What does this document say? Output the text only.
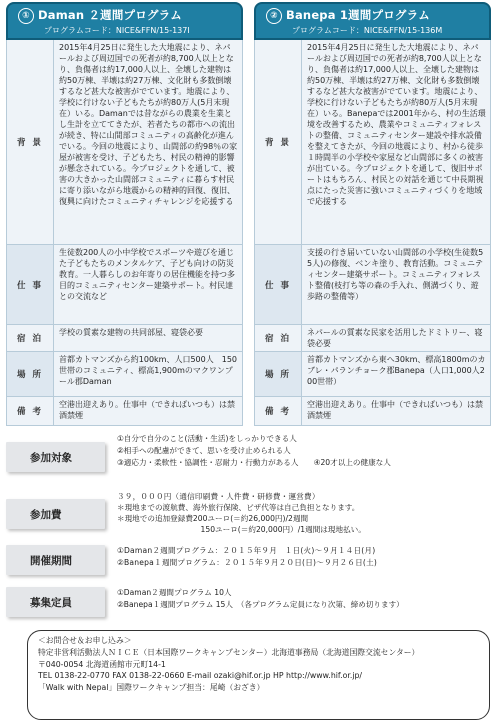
① Daman ２週間プログラム
プログラムコード：NICE&FFN/15-137I
背 景
2015年4月25日に発生した大地震により、ネパールおよび周辺国での死者が約8,700人以上となり、負傷者は約17,000人以上、全壊した建物は約50万棟、半壊は約27万棟、文化財も多数倒壊するなど甚大な被害がでています。地震により、学校に行けない子どもたちが約80万人(5月末現在）いる。Damanでは昔ながらの農業を生業とし生計を立ててきたが、若者たちの都市への流出が続き、特に山間部コミュニティの高齢化が進んでいる。今回の地震により、山間部の約98％の家屋が被害を受け、子どもたち、村民の精神的影響が懸念されている。今プロジェクトを通して、被害の大きかった山間部コミュニティに暮らす村民に寄り添いながら地震からの精神的回復、復旧、復興に向けたコミュニティチャレンジを応援する
仕 事
生徒数200人の小中学校でスポーツや遊びを通じた子どもたちのメンタルケア、子ども向けの防災教育。一人暮らしのお年寄りの居住機能を持つ多目的コミュニティセンター建築サポート。村民達との交流など
宿 泊
学校の質素な建物の共同部屋、寝袋必要
場 所
首都カトマンズから約100km、人口500人　150世帯のコミュニティ、標高1,900mのマクワンプール郡Daman
備 考
空港出迎えあり。仕事中（できればいつも）は禁酒禁煙
② Banepa 1週間プログラム
プログラムコード：NICE&FFN/15-136M
背 景
2015年4月25日に発生した大地震により、ネパールおよび周辺国での死者が約8,700人以上となり、負傷者は約17,000人以上、全壊した建物は約50万棟、半壊は約27万棟、文化財も多数倒壊するなど甚大な被害がでています。地震により、学校に行けない子どもたちが約80万人(5月末現在）いる。Banepaでは2001年から、村の生活環境を改善するため、農業やコミュニティフォレストの整備、コミュニティセンター建設や排水設備を整えてきたが、今回の地震により、村から徒歩１時間半の小学校や家屋など山間部に多くの被害が出ている。今プロジェクトを通して、復旧サポートはもちろん、村民との対話を通じて中長期視点にたった災害に強いコミュニティづくりを地域で応援する
仕 事
支援の行き届いていない山間部の小学校(生徒数55人)の修復、ベンキ塗り、教育活動。コミュニティセンター建築サポート。コミュニティフォレスト整備(枝打ち等の森の手入れ、側溝づくり、遊歩路の整備等）
宿 泊
ネパールの質素な民家を活用したドミトリー、寝袋必要
場 所
首都カトマンズから東へ30km、標高1800mのカブレ・パランチョーク郡Banepa（人口1,000人200世帯）
備 考
空港出迎えあり。仕事中（できればいつも）は禁酒禁煙
参加対象
①自分で自分のこと(活動・生活)をしっかりできる人
②相手への配慮ができて、思いを受け止められる人
③適応力・柔軟性・協調性・忍耐力・行動力がある人　　④20才以上の健康な人
参加費
３９，０００円（通信印刷費・人件費・研修費・運営費）
＊現地までの渡航費、海外旅行保険、ビザ代等は自己負担となります。
＊現地での追加登録費200ユーロ(＝約26,000円)/2週間
　　　　　　　　　　　150ユーロ(＝約20,000円）/1週間は現地払い。
開催期間
①Daman２週間プログラム：２０１５年９月　１日(火)～９月１４日(月)
②Banepa１週間プログラム：２０１５年９月２０日(日)～９月２６日(土)
募集定員
①Daman２週間プログラム 10人
②Banepa１週間プログラム 15人　（各プログラム定員になり次第、締め切ります）
＜お問合せ＆お申し込み＞
特定非営利活動法人ＮＩＣＥ（日本国際ワークキャンプセンター）北海道事務局（北海道国際交流センター）
〒040-0054 北海道函館市元町14-1
TEL 0138-22-0770 FAX 0138-22-0660 E-mail ozaki@hif.or.jp HP http://www.hif.or.jp/
「Walk with Nepal」国際ワークキャンプ担当：尾崎（おざき）
